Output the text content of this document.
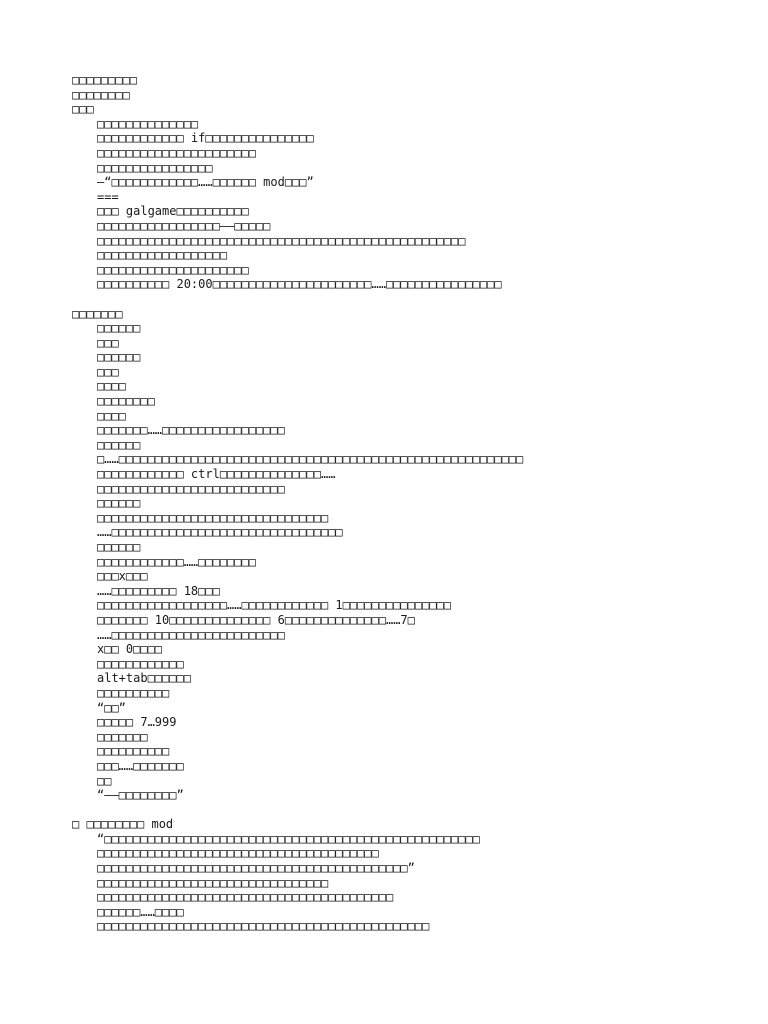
□□□□□□□□□
□□□□□□□□
□□□
□□□□□□□□□□□□□□
□□□□□□□□□□□□ if□□□□□□□□□□□□□□□
□□□□□□□□□□□□□□□□□□□□□□
□□□□□□□□□□□□□□□□
—“□□□□□□□□□□□□……□□□□□□ mod□□□”
===
□□□ galgame□□□□□□□□□□
□□□□□□□□□□□□□□□□□——□□□□□
□□□□□□□□□□□□□□□□□□□□□□□□□□□□□□□□□□□□□□□□□□□□□□□□□□□
□□□□□□□□□□□□□□□□□□
□□□□□□□□□□□□□□□□□□□□□
□□□□□□□□□□ 20:00□□□□□□□□□□□□□□□□□□□□□□……□□□□□□□□□□□□□□□□
□□□□□□□
□□□□□□
□□□
□□□□□□
□□□
□□□□
□□□□□□□□
□□□□
□□□□□□□……□□□□□□□□□□□□□□□□□
□□□□□□
□……□□□□□□□□□□□□□□□□□□□□□□□□□□□□□□□□□□□□□□□□□□□□□□□□□□□□□□□□
□□□□□□□□□□□□ ctrl□□□□□□□□□□□□□□……
□□□□□□□□□□□□□□□□□□□□□□□□□□
□□□□□□
□□□□□□□□□□□□□□□□□□□□□□□□□□□□□□□□
……□□□□□□□□□□□□□□□□□□□□□□□□□□□□□□□□
□□□□□□
□□□□□□□□□□□□……□□□□□□□□
□□□x□□□
……□□□□□□□□□ 18□□□
□□□□□□□□□□□□□□□□□□……□□□□□□□□□□□□ 1□□□□□□□□□□□□□□□
□□□□□□□ 10□□□□□□□□□□□□□□ 6□□□□□□□□□□□□□□……7□
……□□□□□□□□□□□□□□□□□□□□□□□□
x□□ 0□□□□
□□□□□□□□□□□□
alt+tab□□□□□□
□□□□□□□□□□
“□□”
□□□□□ 7…999
□□□□□□□
□□□□□□□□□□
□□□……□□□□□□□
□□
“——□□□□□□□□”
□ □□□□□□□□ mod
“□□□□□□□□□□□□□□□□□□□□□□□□□□□□□□□□□□□□□□□□□□□□□□□□□□□□
□□□□□□□□□□□□□□□□□□□□□□□□□□□□□□□□□□□□□□□
□□□□□□□□□□□□□□□□□□□□□□□□□□□□□□□□□□□□□□□□□□□”
□□□□□□□□□□□□□□□□□□□□□□□□□□□□□□□□
□□□□□□□□□□□□□□□□□□□□□□□□□□□□□□□□□□□□□□□□□
□□□□□□……□□□□
□□□□□□□□□□□□□□□□□□□□□□□□□□□□□□□□□□□□□□□□□□□□□□
